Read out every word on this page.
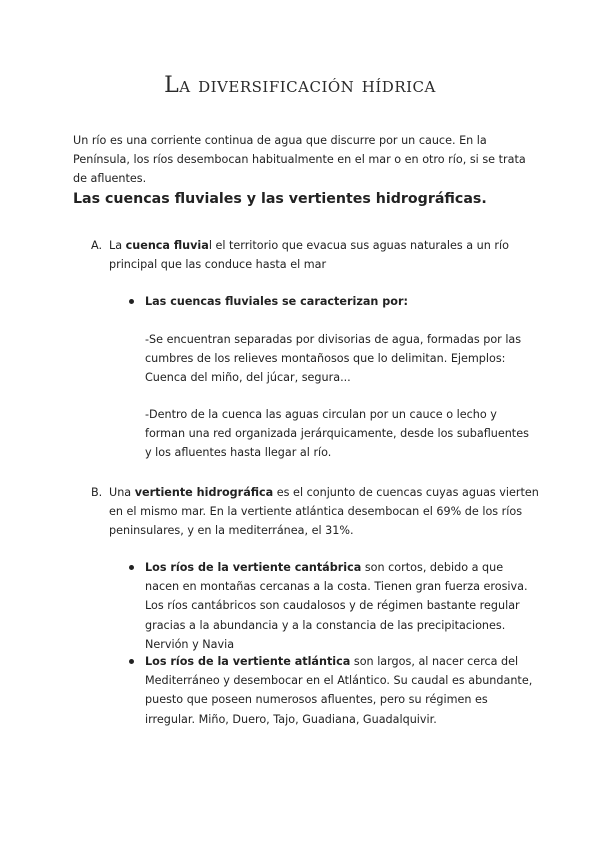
La diversificación hídrica
Un río es una corriente continua de agua que discurre por un cauce. En la Península, los ríos desembocan habitualmente en el mar o en otro río, si se trata de afluentes.
Las cuencas fluviales y las vertientes hidrográficas.
A. La cuenca fluvial el territorio que evacua sus aguas naturales a un río principal que las conduce hasta el mar
Las cuencas fluviales se caracterizan por:
-Se encuentran separadas por divisorias de agua, formadas por las cumbres de los relieves montañosos que lo delimitan. Ejemplos: Cuenca del miño, del júcar, segura...
-Dentro de la cuenca las aguas circulan por un cauce o lecho y forman una red organizada jerárquicamente, desde los subafluentes y los afluentes hasta llegar al río.
B. Una vertiente hidrográfica es el conjunto de cuencas cuyas aguas vierten en el mismo mar. En la vertiente atlántica desembocan el 69% de los ríos peninsulares, y en la mediterránea, el 31%.
Los ríos de la vertiente cantábrica son cortos, debido a que nacen en montañas cercanas a la costa. Tienen gran fuerza erosiva. Los ríos cantábricos son caudalosos y de régimen bastante regular gracias a la abundancia y a la constancia de las precipitaciones. Nervión y Navia
Los ríos de la vertiente atlántica son largos, al nacer cerca del Mediterráneo y desembocar en el Atlántico. Su caudal es abundante, puesto que poseen numerosos afluentes, pero su régimen es irregular. Miño, Duero, Tajo, Guadiana, Guadalquivir.
